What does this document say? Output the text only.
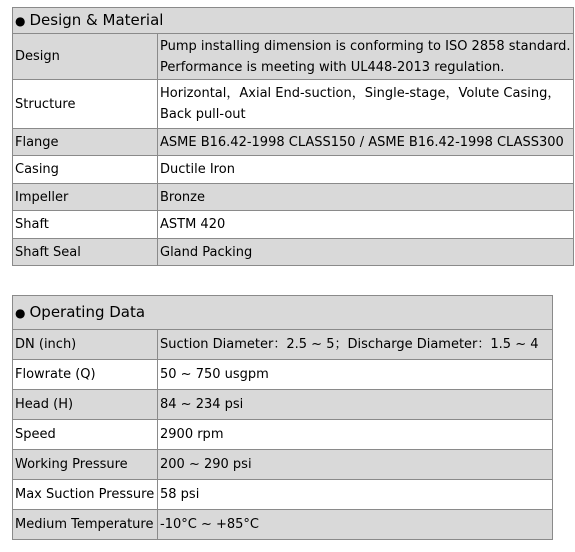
● Design & Material	
Design	Pump installing dimension is conforming to ISO 2858 standard.
Performance is meeting with UL448-2013 regulation.
Structure	Horizontal，Axial End-suction，Single-stage，Volute Casing，
Back pull-out
Flange	ASME B16.42-1998 CLASS150 / ASME B16.42-1998 CLASS300
Casing	Ductile Iron
Impeller	Bronze
Shaft	ASTM 420
Shaft Seal	Gland Packing
● Operating Data	
DN (inch)	Suction Diameter：2.5 ~ 5；Discharge Diameter：1.5 ~ 4
Flowrate (Q)	50 ~ 750 usgpm
Head (H)	84 ~ 234 psi
Speed	2900 rpm
Working Pressure	200 ~ 290 psi
Max Suction Pressure	58 psi
Medium Temperature	-10°C ~ +85°C
